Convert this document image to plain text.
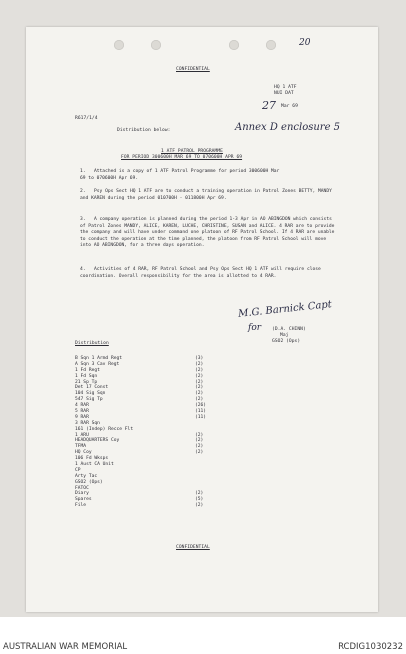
20
CONFIDENTIAL
HQ 1 ATF
NUI DAT
27 Mar 69
R617/1/4
Distribution below:	Annex D enclosure 5
1 ATF PATROL PROGRAMME
FOR PERIOD 300600H MAR 69 TO 070600H APR 69
1.	Attached is a copy of 1 ATF Patrol Programme for period 300600H Mar 69 to 070600H Apr 69.
2.	Psy Ops Sect HQ 1 ATF are to conduct a training operation in Patrol Zones BETTY, MANDY and KAREN during the period 010700H - 011800H Apr 69.
3.	A company operation is planned during the period 1-3 Apr in AO ABINGDON which consists of Patrol Zones MANDY, ALICE, KAREN, LUCHE, CHRISTINE, SUSAN and ALICE. 4 RAR are to provide the company and will have under command one platoon of RF Patrol School. If 4 RAR are unable to conduct the operation at the time planned, the platoon from RF Patrol School will move into AO ABINGDON, for a three days operation.
4.	Activities of 4 RAR, RF Patrol School and Psy Ops Sect HQ 1 ATF will require close coordination. Overall responsibility for the area is allotted to 4 RAR.
M.G. Barnick Capt
for (D.A. CHINN)
Maj
GSO2 (Ops)
Distribution
B Sqn 1 Armd Regt	(3)
A Sqn 3 Cav Regt	(2)
1 Fd Regt	(2)
1 Fd Sqn	(2)
21 Sp Tp	(2)
Det 17 Const	(2)
104 Sig Sqn	(2)
547 Sig Tp	(2)
4 RAR	(26)
5 RAR	(11)
9 RAR	(11)
3 RAR Sqn
161 (Indep) Recce Flt
1 ARU	(2)
HEADQUARTERS Coy	(2)
TFMA	(2)
HQ Coy	(2)
106 Fd Wksps
1 Aust CA Unit
CP
Arty Tac
GSO2 (Ops)
FATOC
Diary	(2)
Spares	(5)
File	(2)
CONFIDENTIAL
AUSTRALIAN WAR MEMORIAL	RCDIG1030232
